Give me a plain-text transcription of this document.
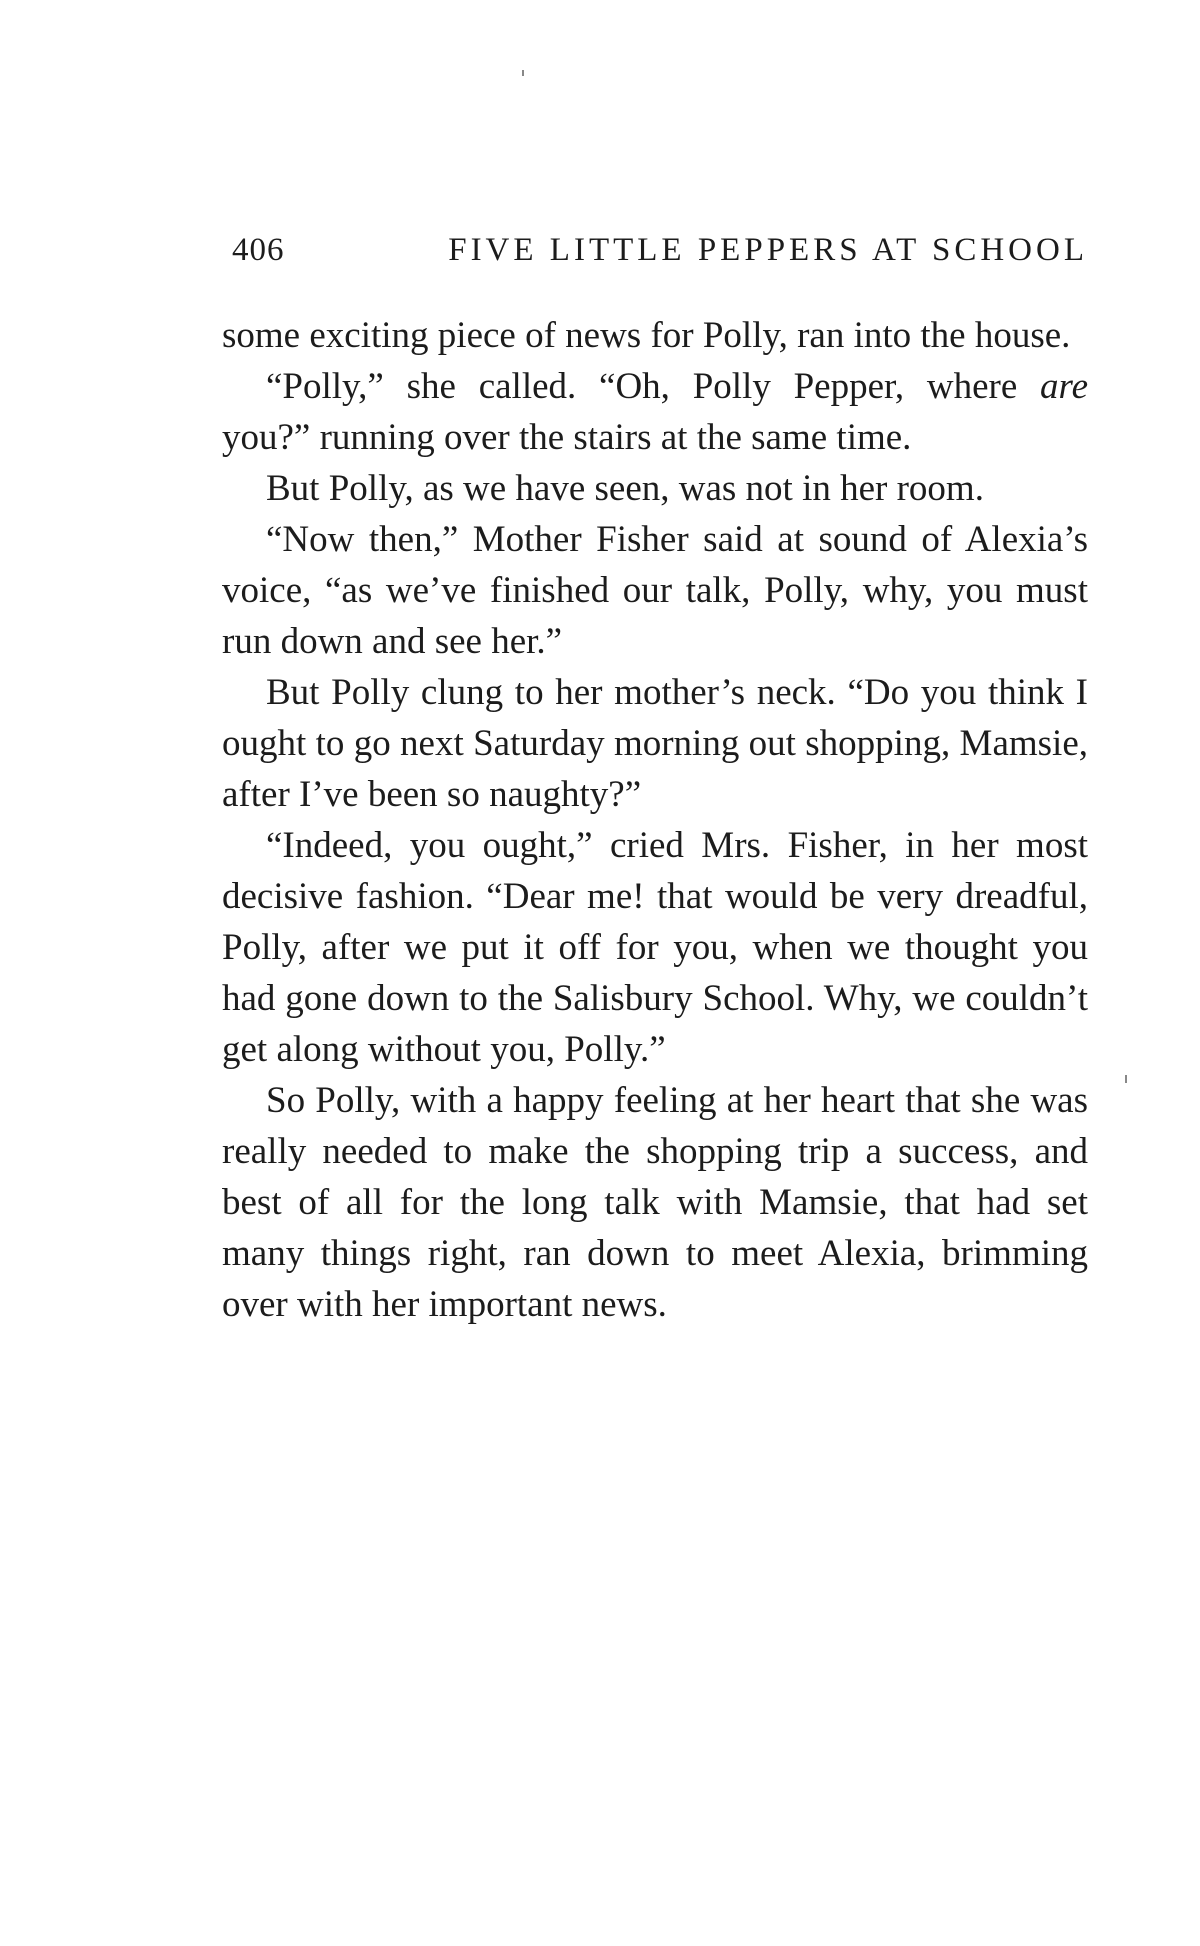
406	FIVE LITTLE PEPPERS AT SCHOOL

some exciting piece of news for Polly, ran into the house.

“Polly,” she called. “Oh, Polly Pepper, where are you?” running over the stairs at the same time.

But Polly, as we have seen, was not in her room.

“Now then,” Mother Fisher said at sound of Alexia’s voice, “as we’ve finished our talk, Polly, why, you must run down and see her.”

But Polly clung to her mother’s neck. “Do you think I ought to go next Saturday morning out shopping, Mamsie, after I’ve been so naughty?”

“Indeed, you ought,” cried Mrs. Fisher, in her most decisive fashion. “Dear me! that would be very dreadful, Polly, after we put it off for you, when we thought you had gone down to the Salisbury School. Why, we couldn’t get along without you, Polly.”

So Polly, with a happy feeling at her heart that she was really needed to make the shopping trip a success, and best of all for the long talk with Mamsie, that had set many things right, ran down to meet Alexia, brimming over with her important news.
